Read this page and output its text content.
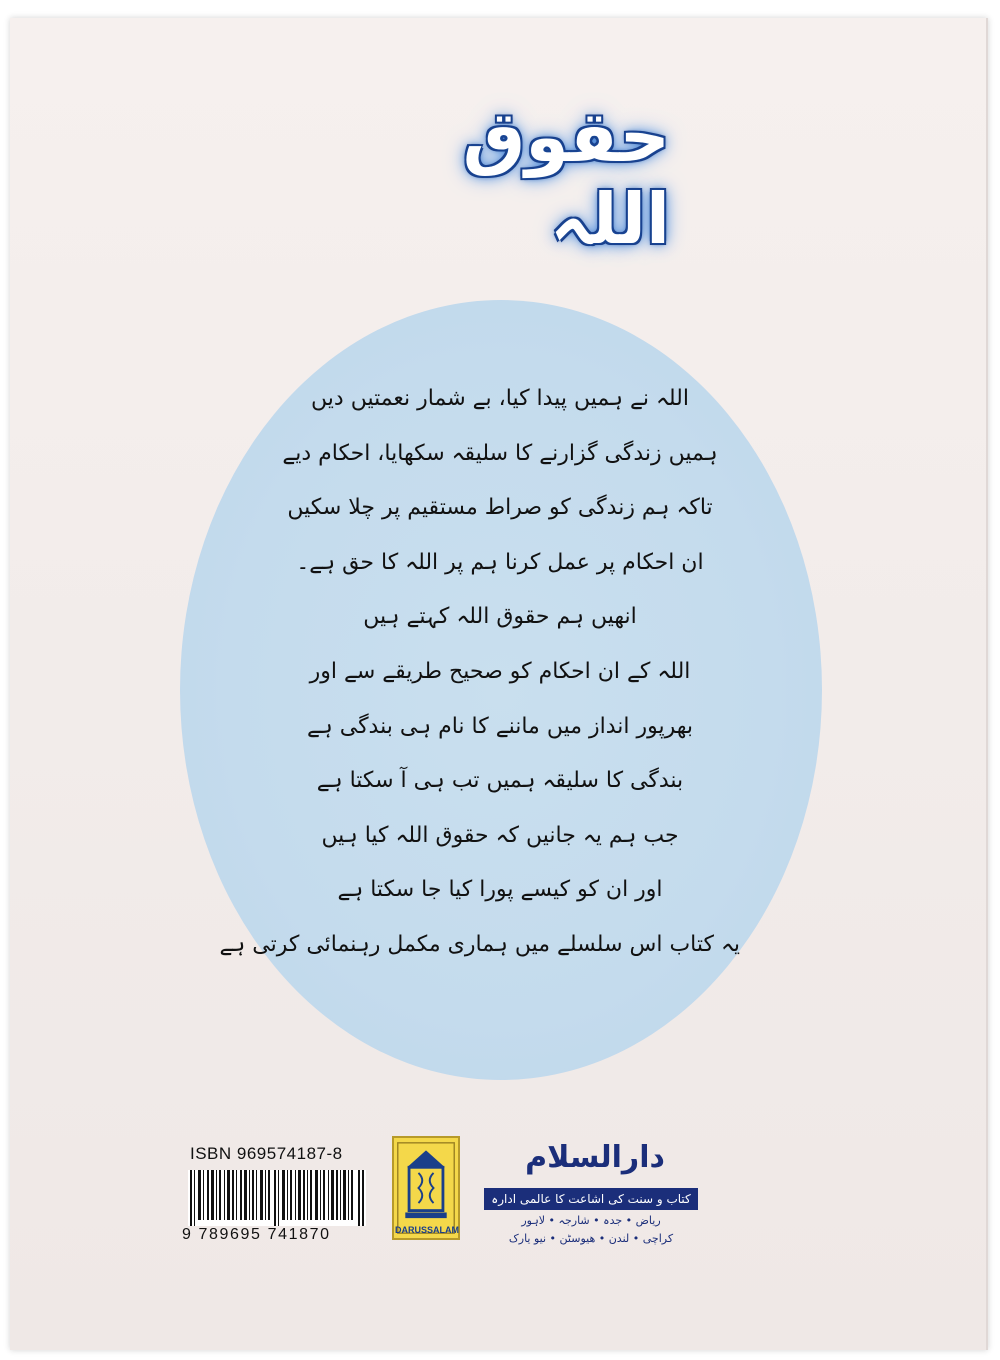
حقوق اللہ
اللہ نے ہمیں پیدا کیا، بے شمار نعمتیں دیں
ہمیں زندگی گزارنے کا سلیقہ سکھایا، احکام دیے
تاکہ ہم زندگی کو صراط مستقیم پر چلا سکیں
ان احکام پر عمل کرنا ہم پر اللہ کا حق ہے۔
انھیں ہم حقوق اللہ کہتے ہیں
اللہ کے ان احکام کو صحیح طریقے سے اور
بھرپور انداز میں ماننے کا نام ہی بندگی ہے
بندگی کا سلیقہ ہمیں تب ہی آ سکتا ہے
جب ہم یہ جانیں کہ حقوق اللہ کیا ہیں
اور ان کو کیسے پورا کیا جا سکتا ہے
یہ کتاب اس سلسلے میں ہماری مکمل رہنمائی کرتی ہے
ISBN 969574187-8
9 789695 741870	DARUSSALAM
دارالسلام
کتاب و سنت کی اشاعت کا عالمی ادارہ
ریاض • جدہ • شارجہ • لاہور
کراچی • لندن • هیوسٹن • نیو یارک
